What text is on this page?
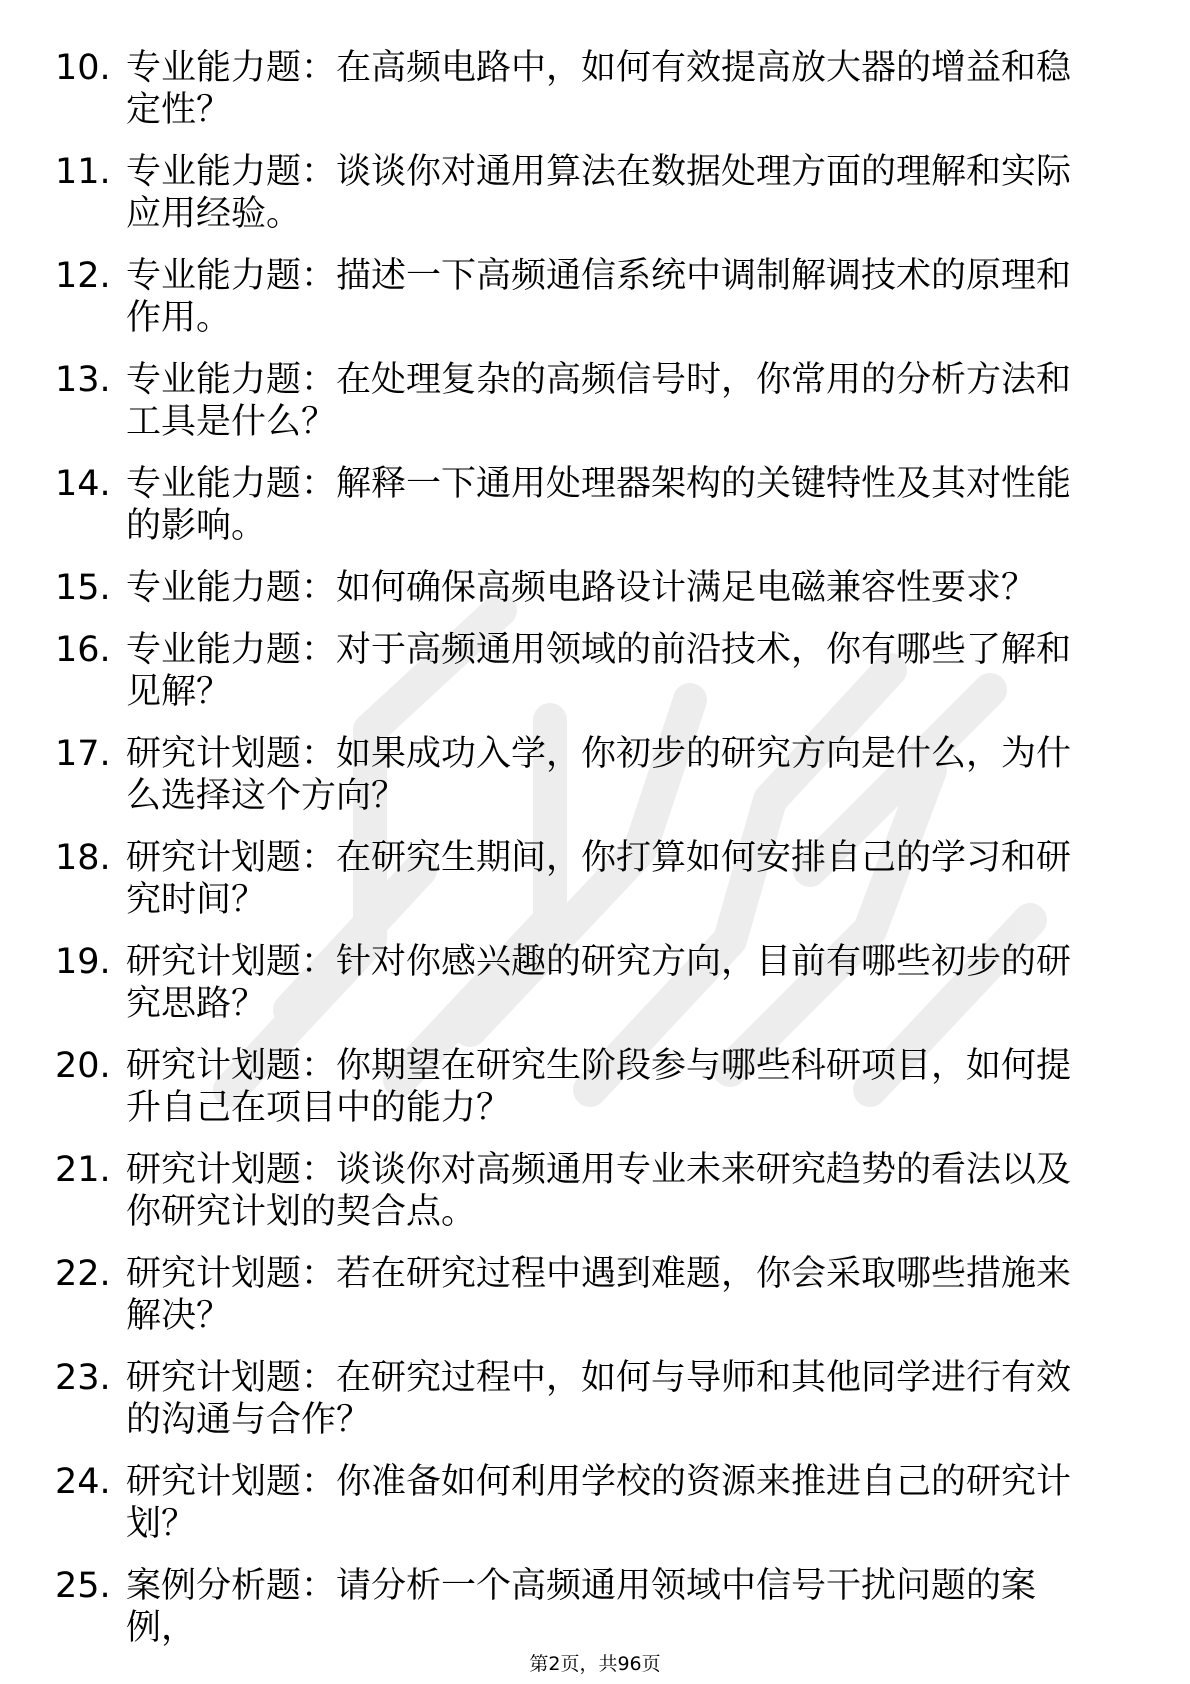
10. 专业能力题：在高频电路中，如何有效提高放大器的增益和稳定性？
11. 专业能力题：谈谈你对通用算法在数据处理方面的理解和实际应用经验。
12. 专业能力题：描述一下高频通信系统中调制解调技术的原理和作用。
13. 专业能力题：在处理复杂的高频信号时，你常用的分析方法和工具是什么？
14. 专业能力题：解释一下通用处理器架构的关键特性及其对性能的影响。
15. 专业能力题：如何确保高频电路设计满足电磁兼容性要求？
16. 专业能力题：对于高频通用领域的前沿技术，你有哪些了解和见解？
17. 研究计划题：如果成功入学，你初步的研究方向是什么，为什么选择这个方向？
18. 研究计划题：在研究生期间，你打算如何安排自己的学习和研究时间？
19. 研究计划题：针对你感兴趣的研究方向，目前有哪些初步的研究思路？
20. 研究计划题：你期望在研究生阶段参与哪些科研项目，如何提升自己在项目中的能力？
21. 研究计划题：谈谈你对高频通用专业未来研究趋势的看法以及你研究计划的契合点。
22. 研究计划题：若在研究过程中遇到难题，你会采取哪些措施来解决？
23. 研究计划题：在研究过程中，如何与导师和其他同学进行有效的沟通与合作？
24. 研究计划题：你准备如何利用学校的资源来推进自己的研究计划？
25. 案例分析题：请分析一个高频通用领域中信号干扰问题的案例，
第2页，共96页
